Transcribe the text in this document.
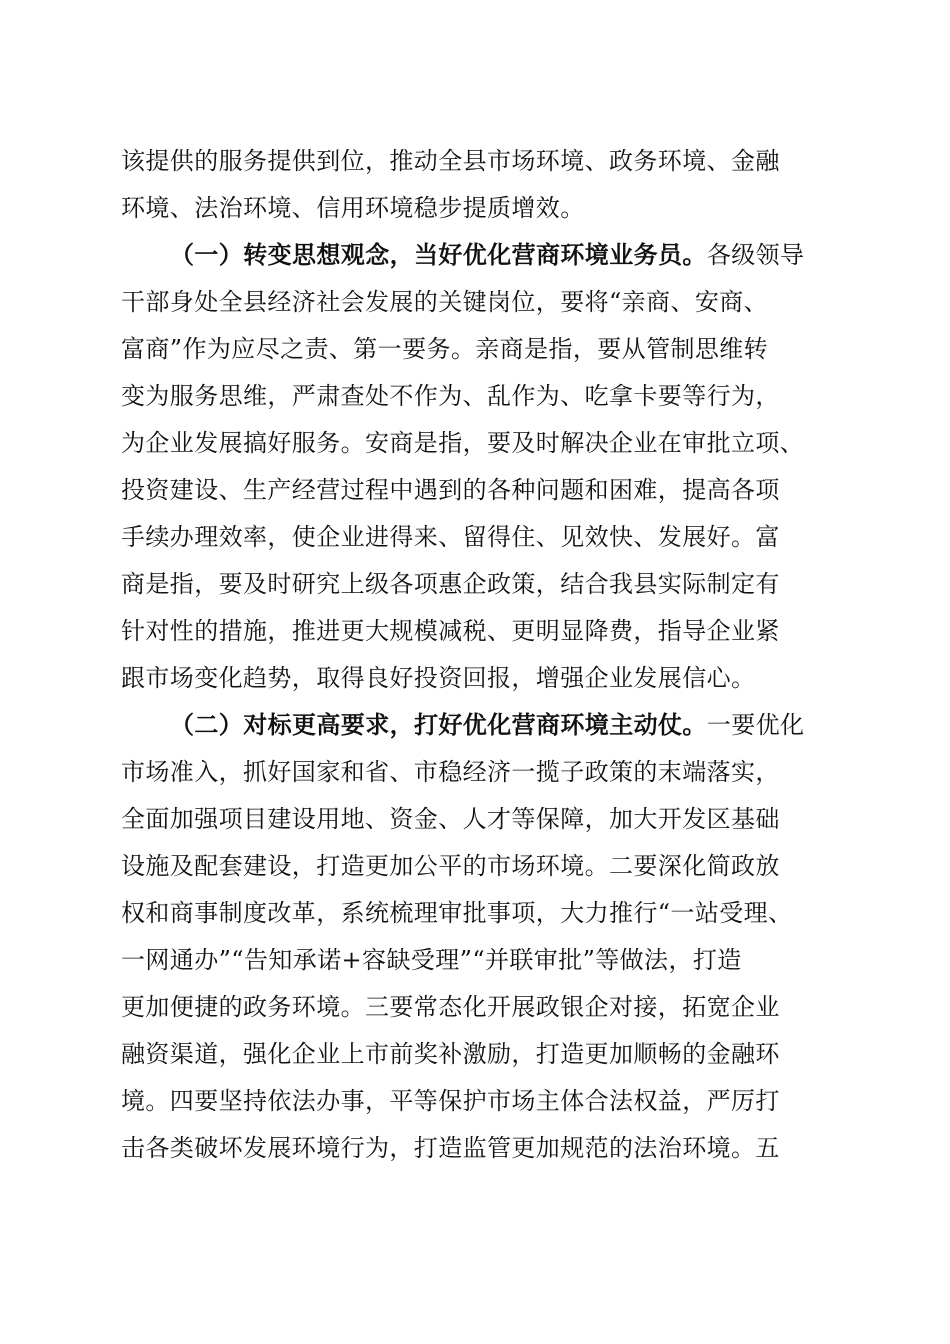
该提供的服务提供到位，推动全县市场环境、政务环境、金融
环境、法治环境、信用环境稳步提质增效。
（一）转变思想观念，当好优化营商环境业务员。各级领导
干部身处全县经济社会发展的关键岗位，要将“亲商、安商、
富商”作为应尽之责、第一要务。亲商是指，要从管制思维转
变为服务思维，严肃查处不作为、乱作为、吃拿卡要等行为，
为企业发展搞好服务。安商是指，要及时解决企业在审批立项、
投资建设、生产经营过程中遇到的各种问题和困难，提高各项
手续办理效率，使企业进得来、留得住、见效快、发展好。富
商是指，要及时研究上级各项惠企政策，结合我县实际制定有
针对性的措施，推进更大规模减税、更明显降费，指导企业紧
跟市场变化趋势，取得良好投资回报，增强企业发展信心。
（二）对标更高要求，打好优化营商环境主动仗。一要优化
市场准入，抓好国家和省、市稳经济一揽子政策的末端落实，
全面加强项目建设用地、资金、人才等保障，加大开发区基础
设施及配套建设，打造更加公平的市场环境。二要深化简政放
权和商事制度改革，系统梳理审批事项，大力推行“一站受理、
一网通办”“告知承诺+容缺受理”“并联审批”等做法，打造
更加便捷的政务环境。三要常态化开展政银企对接，拓宽企业
融资渠道，强化企业上市前奖补激励，打造更加顺畅的金融环
境。四要坚持依法办事，平等保护市场主体合法权益，严厉打
击各类破坏发展环境行为，打造监管更加规范的法治环境。五
